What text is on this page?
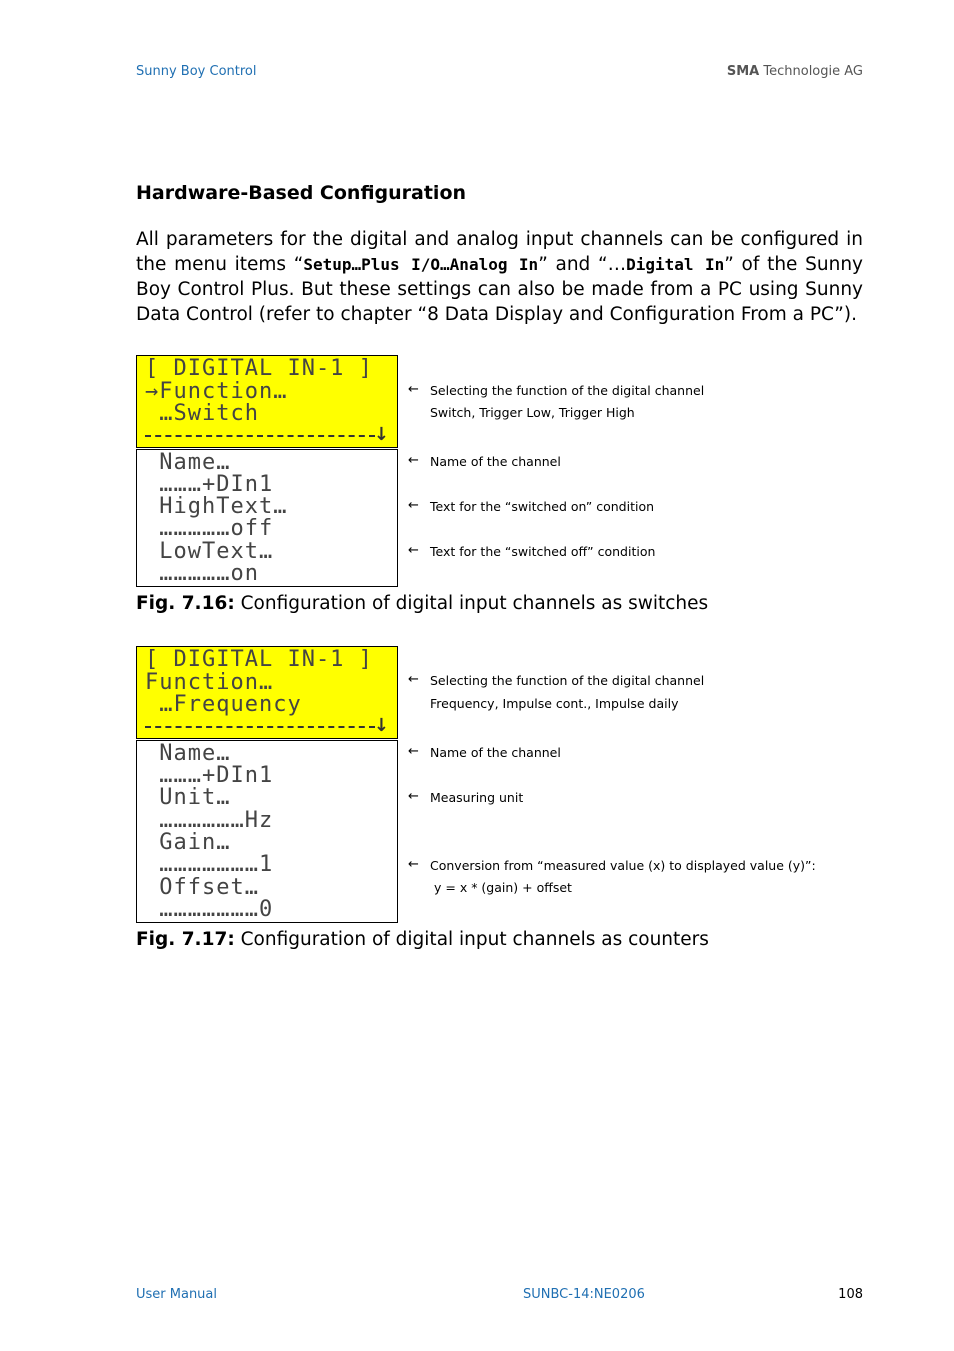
Sunny Boy Control	SMA Technologie AG
Hardware-Based Configuration
All parameters for the digital and analog input channels can be configured in the menu items “Setup…Plus I/O…Analog In” and “…Digital In” of the Sunny Boy Control Plus. But these settings can also be made from a PC using Sunny Data Control (refer to chapter “8 Data Display and Configuration From a PC”).
[ DIGITAL IN-1 ]
→Function…
…Switch
↓
Name…
………+DIn1
HighText…
……………off
LowText…
……………on
← Selecting the function of the digital channel
Switch, Trigger Low, Trigger High
← Name of the channel
← Text for the “switched on” condition
← Text for the “switched off” condition
Fig. 7.16: Configuration of digital input channels as switches
[ DIGITAL IN-1 ]
Function…
…Frequency
↓
Name…
………+DIn1
Unit…
………………Hz
Gain…
…………………1
Offset…
…………………0
← Selecting the function of the digital channel
Frequency, Impulse cont., Impulse daily
← Name of the channel
← Measuring unit
← Conversion from “measured value (x) to displayed value (y)”:
y = x * (gain) + offset
Fig. 7.17: Configuration of digital input channels as counters
User Manual	SUNBC-14:NE0206	108
